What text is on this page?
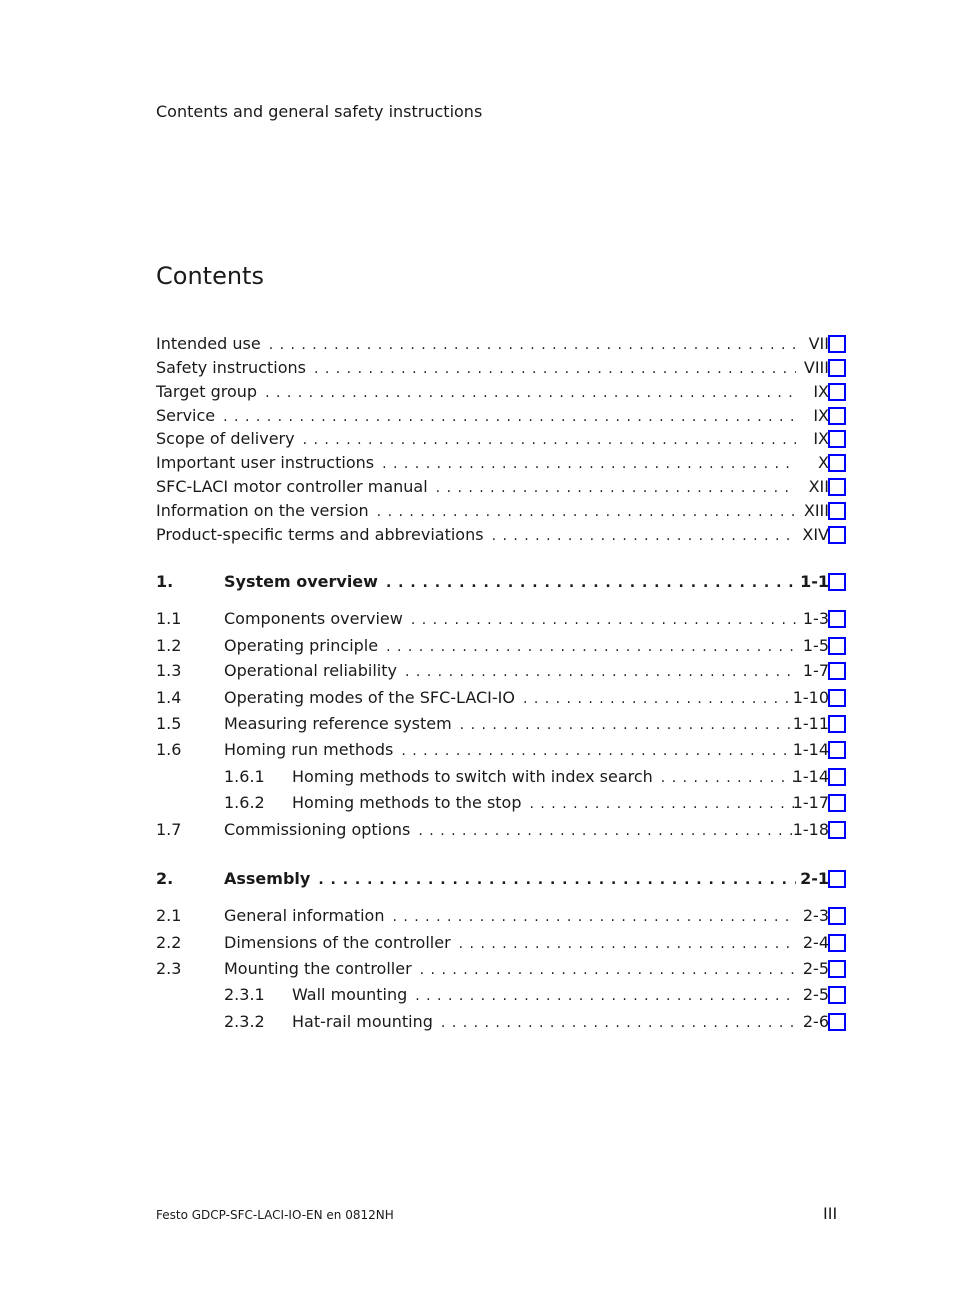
Contents and general safety instructions
Contents
Intended use . . .	VII
Safety instructions . . .	VIII
Target group . . .	IX
Service . . .	IX
Scope of delivery . . .	IX
Important user instructions . . .	X
SFC-LACI motor controller manual . . .	XII
Information on the version . . .	XIII
Product-specific terms and abbreviations . . .	XIV
1.	System overview . . .	1-1
1.1	Components overview . . .	1-3
1.2	Operating principle . . .	1-5
1.3	Operational reliability . . .	1-7
1.4	Operating modes of the SFC-LACI-IO . . .	1-10
1.5	Measuring reference system . . .	1-11
1.6	Homing run methods . . .	1-14
1.6.1 Homing methods to switch with index search . . .	1-14
1.6.2 Homing methods to the stop . . .	1-17
1.7	Commissioning options . . .	1-18
2.	Assembly . . .	2-1
2.1	General information . . .	2-3
2.2	Dimensions of the controller . . .	2-4
2.3	Mounting the controller . . .	2-5
2.3.1 Wall mounting . . .	2-5
2.3.2 Hat-rail mounting . . .	2-6
Festo GDCP-SFC-LACI-IO-EN en 0812NH	III
